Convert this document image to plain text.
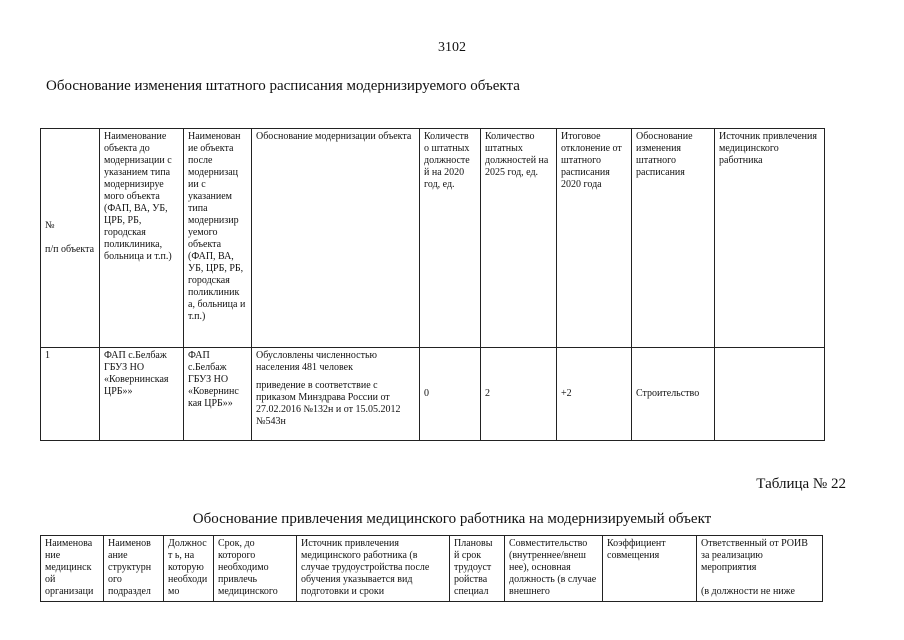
3102
Обоснование изменения штатного расписания модернизируемого объекта
№

п/п объекта	Наименование объекта до модернизации с указанием типа модернизируе мого объекта (ФАП, ВА, УБ, ЦРБ, РБ, городская поликлиника, больница и т.п.)	Наименован ие объекта после модернизац ии с указанием типа модернизир уемого объекта (ФАП, ВА, УБ, ЦРБ, РБ, городская поликлиник а, больница и т.п.)	Обоснование модернизации объекта	Количеств о штатных должносте й на 2020 год, ед.	Количество штатных должностей на 2025 год, ед.	Итоговое отклонение от штатного расписания 2020 года	Обоснование изменения штатного расписания	Источник привлечения медицинского работника
1	ФАП с.Белбаж ГБУЗ НО «Ковернинская ЦРБ»»	ФАП с.Белбаж ГБУЗ НО «Ковернинс кая ЦРБ»»	Обусловлены численностью населения 481 человек
приведение в соответствие с приказом Минздрава России от 27.02.2016 №132н и от 15.05.2012 №543н	0	2	+2	Строительство	
Таблица № 22
Обоснование привлечения медицинского работника на модернизируемый объект
Наименова ние медицинск ой организаци	Наименов ание структурн ого подраздел	Должност ь, на которую необходи мо	Срок, до которого необходимо привлечь медицинского	Источник привлечения медицинского работника (в случае трудоустройства после обучения указывается вид подготовки и сроки	Плановы й срок трудоуст ройства специал	Совместительство (внутреннее/внеш нее), основная должность (в случае внешнего	Коэффициент совмещения	Ответственный от РОИВ за реализацию мероприятия

(в должности не ниже
